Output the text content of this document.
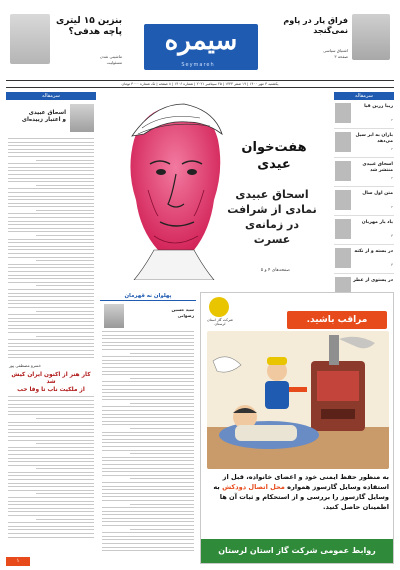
بنزین ۱۵ لیتری
پاچه هدفی؟
ماشینی شدن
مسئولیت
سیمره
Seymareh
فراق یار در پاوم
نمی‌گنجد
اشتیاق سیاسی
صفحه ۳
یکشنبه ۳ مهر ۱۴۰۰ | ۱۹ صفر ۱۴۴۳ | ۲۵ سپتامبر ۲۰۲۱ | شماره ۱۴۰۶ | ۸ صفحه | تک شماره ۳۰۰۰ تومان
سرمقاله
زیبا زرین قبا
۲
باران به ابر سیل می‌دهد
۲
اسحاق عبیدی منتشر شد
۲
متن اول سال
۲
یاد یار مهربان
۳
در بسته و از نکته
۳
در پستوی از عطر
سرمقاله
اسحاق عبیدی
و اعتبار زبیده‌ای
خسرو مصطفی پور
کار هنر از اکنون ایران کیش شد
از ملکیت ناب تا وفا حب
هفت‌خوان
عیدی
اسحاق عبیدی
نمادی از شرافت
در زمانه‌ی
عسرت
صفحه‌های ۴ و ۵
پهلوان نه قهرمان
سید حسین
رضوانی
شرکت گاز استان لرستان	مراقب باشید.
به منظور حفظ ایمنی خود و اعضای خانواده، قبل از استفاده وسایل گازسوز همواره محل اتصال دودکش به وسایل گازسوز را بررسی و از استحکام و ثبات آن ها اطمینان حاصل کنید.
روابط عمومی شرکت گاز استان لرستان
۱
